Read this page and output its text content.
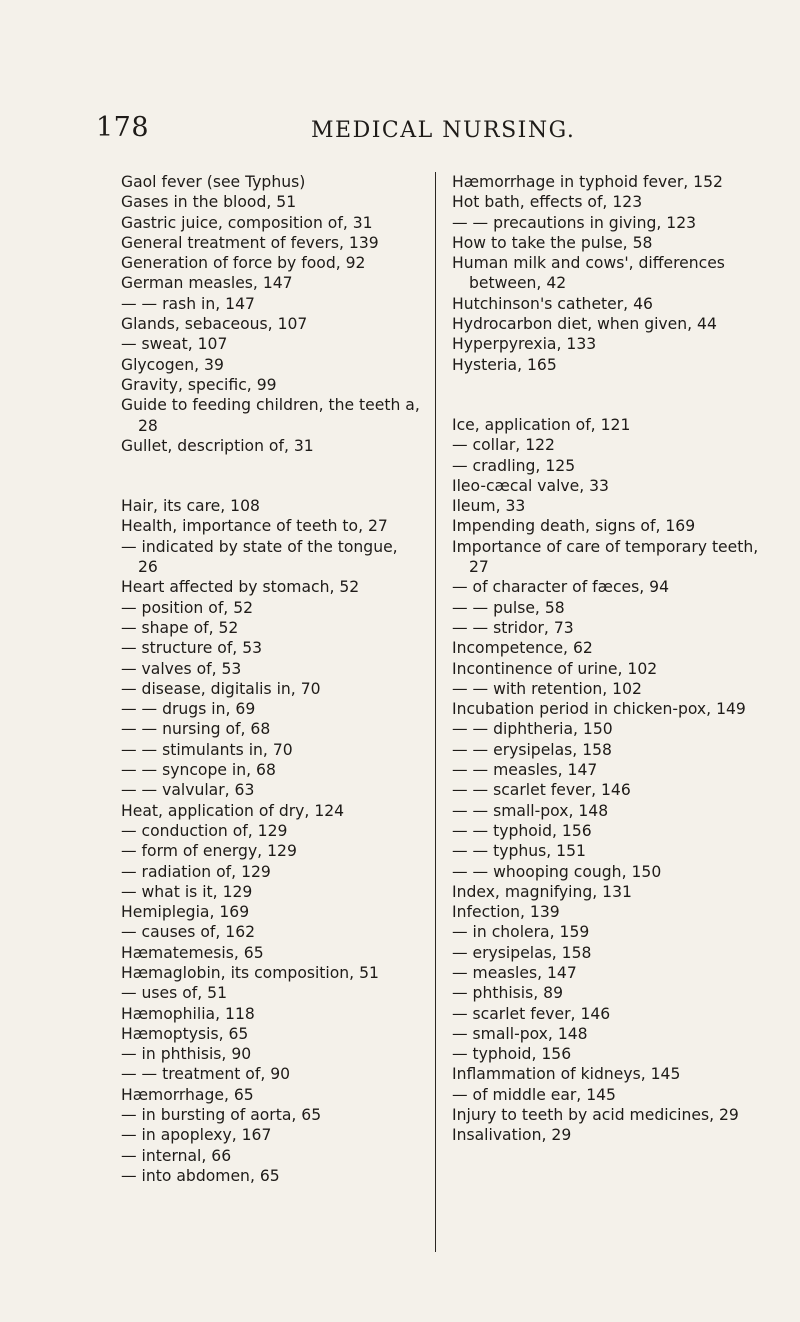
178	MEDICAL NURSING.

Gaol fever (see Typhus)

Gases in the blood, 51

Gastric juice, composition of, 31

General treatment of fevers, 139

Generation of force by food, 92

German measles, 147

— — rash in, 147

Glands, sebaceous, 107

— sweat, 107

Glycogen, 39

Gravity, specific, 99

Guide to feeding children, the teeth a, 28

Gullet, description of, 31

Hair, its care, 108

Health, importance of teeth to, 27

— indicated by state of the tongue, 26

Heart affected by stomach, 52

— position of, 52

— shape of, 52

— structure of, 53

— valves of, 53

— disease, digitalis in, 70

— — drugs in, 69

— — nursing of, 68

— — stimulants in, 70

— — syncope in, 68

— — valvular, 63

Heat, application of dry, 124

— conduction of, 129

— form of energy, 129

— radiation of, 129

— what is it, 129

Hemiplegia, 169

— causes of, 162

Hæmatemesis, 65

Hæmaglobin, its composition, 51

— uses of, 51

Hæmophilia, 118

Hæmoptysis, 65

— in phthisis, 90

— — treatment of, 90

Hæmorrhage, 65

— in bursting of aorta, 65

— in apoplexy, 167

— internal, 66

— into abdomen, 65

Hæmorrhage in typhoid fever, 152

Hot bath, effects of, 123

— — precautions in giving, 123

How to take the pulse, 58

Human milk and cows', differences between, 42

Hutchinson's catheter, 46

Hydrocarbon diet, when given, 44

Hyperpyrexia, 133

Hysteria, 165

Ice, application of, 121

— collar, 122

— cradling, 125

Ileo-cæcal valve, 33

Ileum, 33

Impending death, signs of, 169

Importance of care of temporary teeth, 27

— of character of fæces, 94

— — pulse, 58

— — stridor, 73

Incompetence, 62

Incontinence of urine, 102

— — with retention, 102

Incubation period in chicken-pox, 149

— — diphtheria, 150

— — erysipelas, 158

— — measles, 147

— — scarlet fever, 146

— — small-pox, 148

— — typhoid, 156

— — typhus, 151

— — whooping cough, 150

Index, magnifying, 131

Infection, 139

— in cholera, 159

— erysipelas, 158

— measles, 147

— phthisis, 89

— scarlet fever, 146

— small-pox, 148

— typhoid, 156

Inflammation of kidneys, 145

— of middle ear, 145

Injury to teeth by acid medicines, 29

Insalivation, 29
